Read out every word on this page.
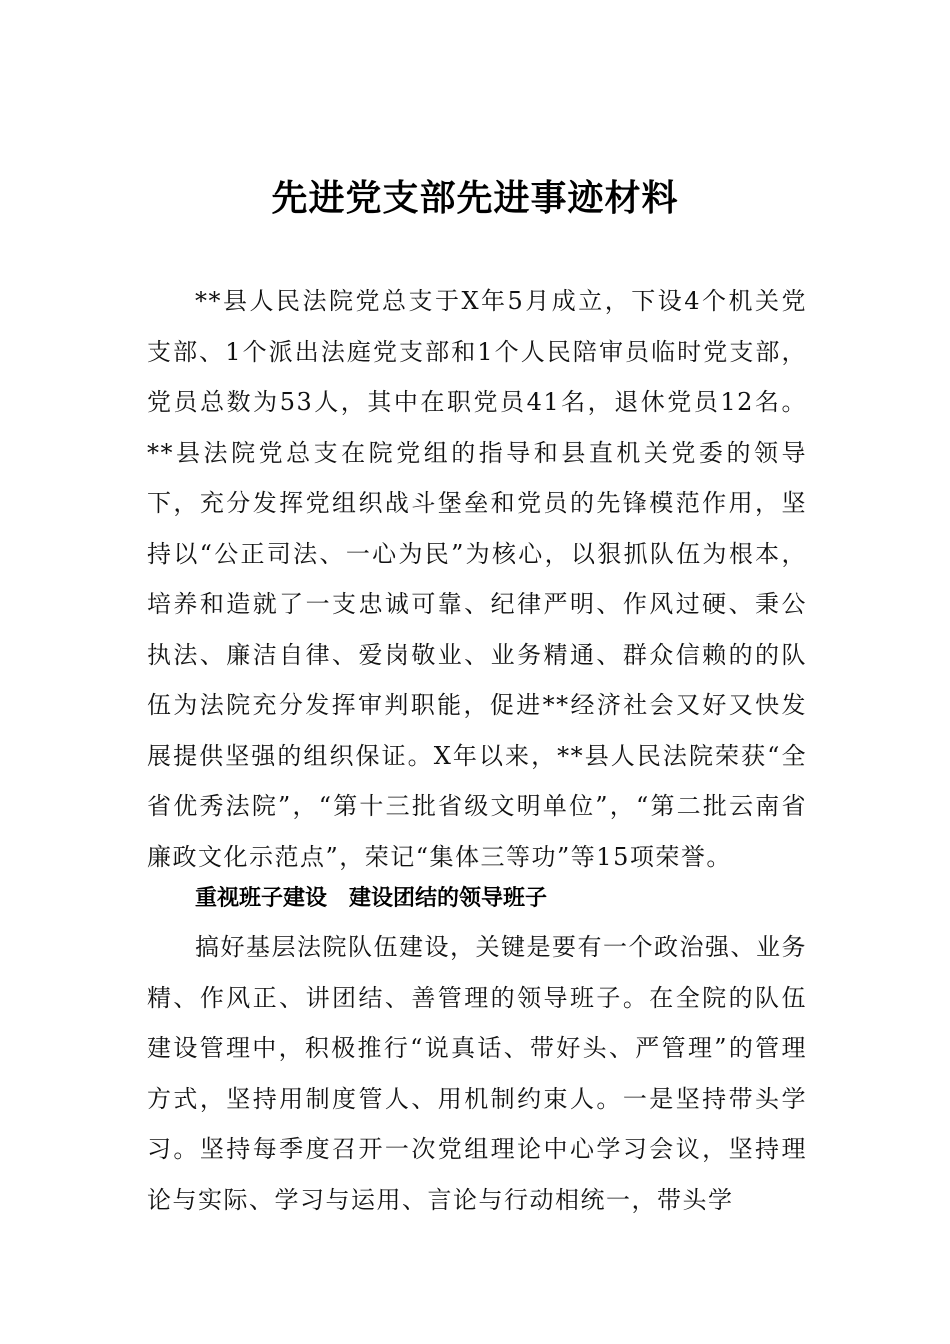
先进党支部先进事迹材料

**县人民法院党总支于X年5月成立，下设4个机关党支部、1个派出法庭党支部和1个人民陪审员临时党支部，党员总数为53人，其中在职党员41名，退休党员12名。**县法院党总支在院党组的指导和县直机关党委的领导下，充分发挥党组织战斗堡垒和党员的先锋模范作用，坚持以“公正司法、一心为民”为核心，以狠抓队伍为根本，培养和造就了一支忠诚可靠、纪律严明、作风过硬、秉公执法、廉洁自律、爱岗敬业、业务精通、群众信赖的的队伍为法院充分发挥审判职能，促进**经济社会又好又快发展提供坚强的组织保证。X年以来，**县人民法院荣获“全省优秀法院”，“第十三批省级文明单位”，“第二批云南省廉政文化示范点”，荣记“集体三等功”等15项荣誉。

重视班子建设　建设团结的领导班子

搞好基层法院队伍建设，关键是要有一个政治强、业务精、作风正、讲团结、善管理的领导班子。在全院的队伍建设管理中，积极推行“说真话、带好头、严管理”的管理方式，坚持用制度管人、用机制约束人。一是坚持带头学习。坚持每季度召开一次党组理论中心学习会议，坚持理论与实际、学习与运用、言论与行动相统一，带头学
